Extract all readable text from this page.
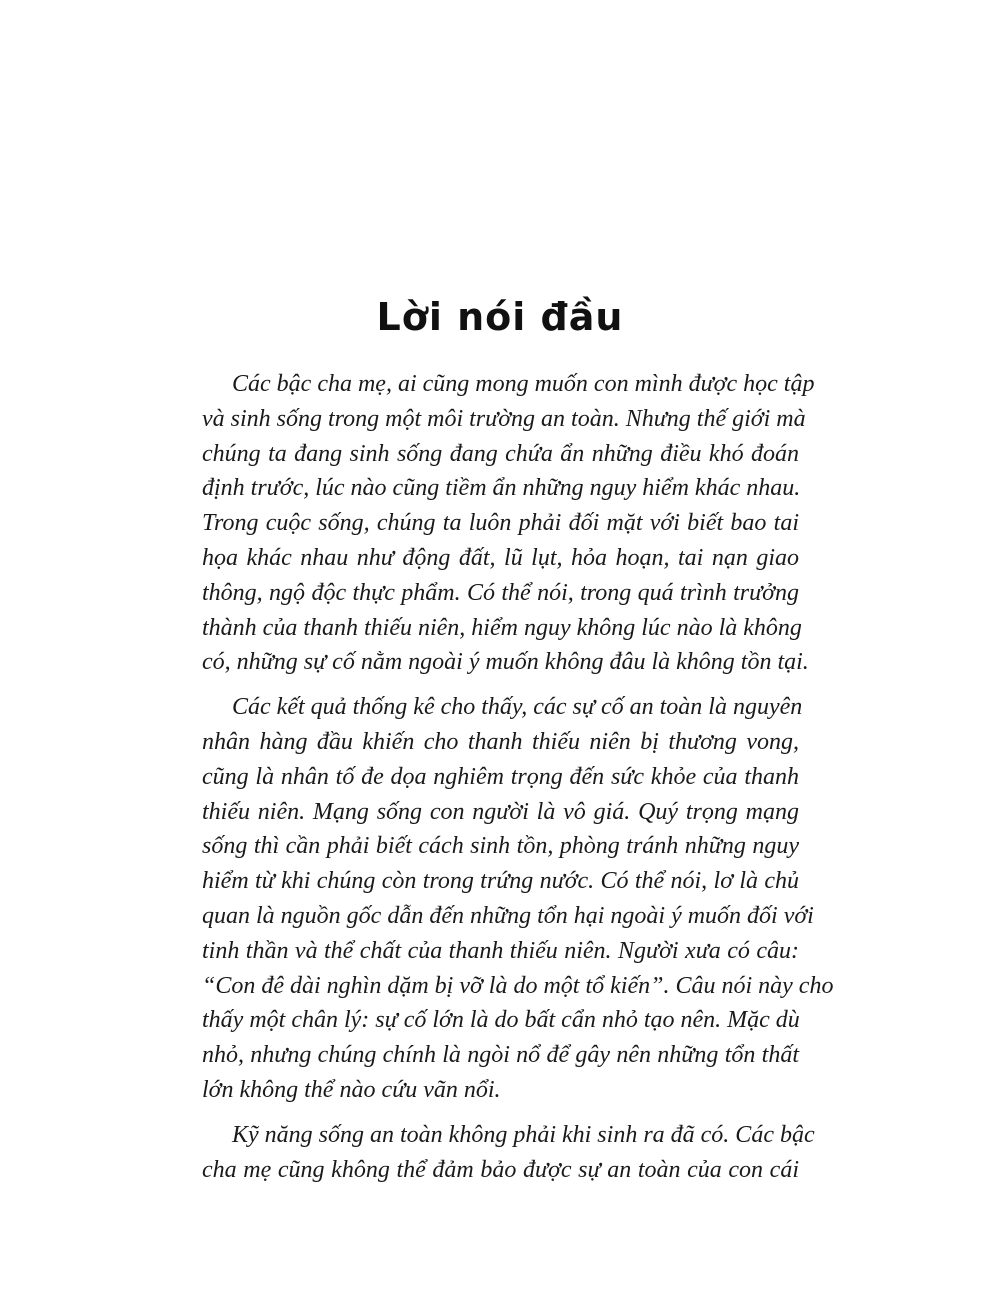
Lời nói đầu
Các bậc cha mẹ, ai cũng mong muốn con mình được học tập
và sinh sống trong một môi trường an toàn. Nhưng thế giới mà
chúng ta đang sinh sống đang chứa ẩn những điều khó đoán
định trước, lúc nào cũng tiềm ẩn những nguy hiểm khác nhau.
Trong cuộc sống, chúng ta luôn phải đối mặt với biết bao tai
họa khác nhau như động đất, lũ lụt, hỏa hoạn, tai nạn giao
thông, ngộ độc thực phẩm. Có thể nói, trong quá trình trưởng
thành của thanh thiếu niên, hiểm nguy không lúc nào là không
có, những sự cố nằm ngoài ý muốn không đâu là không tồn tại.
Các kết quả thống kê cho thấy, các sự cố an toàn là nguyên
nhân hàng đầu khiến cho thanh thiếu niên bị thương vong,
cũng là nhân tố đe dọa nghiêm trọng đến sức khỏe của thanh
thiếu niên. Mạng sống con người là vô giá. Quý trọng mạng
sống thì cần phải biết cách sinh tồn, phòng tránh những nguy
hiểm từ khi chúng còn trong trứng nước. Có thể nói, lơ là chủ
quan là nguồn gốc dẫn đến những tổn hại ngoài ý muốn đối với
tinh thần và thể chất của thanh thiếu niên. Người xưa có câu:
“Con đê dài nghìn dặm bị vỡ là do một tổ kiến”. Câu nói này cho
thấy một chân lý: sự cố lớn là do bất cẩn nhỏ tạo nên. Mặc dù
nhỏ, nhưng chúng chính là ngòi nổ để gây nên những tổn thất
lớn không thể nào cứu vãn nổi.
Kỹ năng sống an toàn không phải khi sinh ra đã có. Các bậc
cha mẹ cũng không thể đảm bảo được sự an toàn của con cái
